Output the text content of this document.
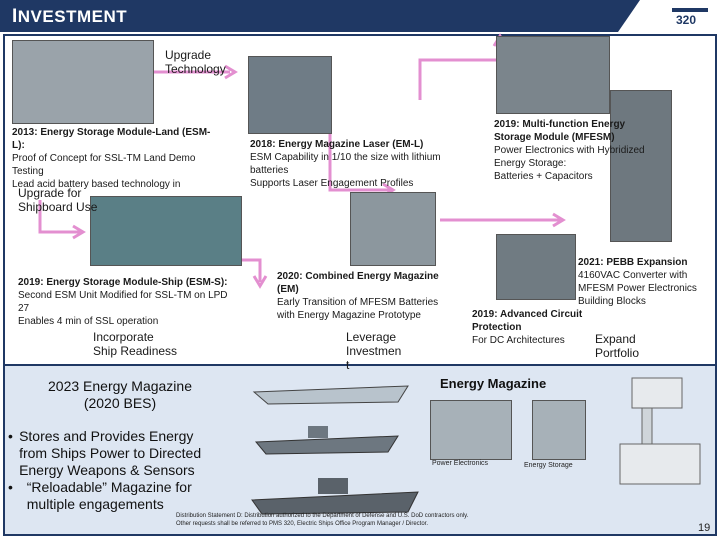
INVESTMENT	320
Upgrade
Technology
Upgrade for
Shipboard Use
Incorporate
Ship Readiness
Leverage
Investmen
t
Expand
Portfolio
2013: Energy Storage Module-Land (ESM-L):
Proof of Concept for SSL-TM Land Demo Testing
Lead acid battery based technology in
2018: Energy Magazine Laser (EM-L)
ESM Capability in 1/10 the size with lithium batteries
Supports Laser Engagement Profiles
2019: Multi-function Energy Storage Module (MFESM)
Power Electronics with Hybridized Energy Storage:
Batteries + Capacitors
2019: Energy Storage Module-Ship (ESM-S):
Second ESM Unit Modified for SSL-TM on LPD 27
Enables 4 min of SSL operation
2020: Combined Energy Magazine (EM)
Early Transition of MFESM Batteries with Energy Magazine Prototype
2021: PEBB Expansion
4160VAC Converter with MFESM Power Electronics Building Blocks
2019: Advanced Circuit Protection
For DC Architectures
2023 Energy Magazine
(2020 BES)
• Stores and Provides Energy from Ships Power to Directed Energy Weapons & Sensors
• “Reloadable” Magazine for multiple engagements
Energy Magazine
Power Electronics	Energy Storage
Distribution Statement D: Distribution authorized to the Department of Defense and U.S. DoD contractors only.
Other requests shall be referred to PMS 320, Electric Ships Office Program Manager / Director.	19
